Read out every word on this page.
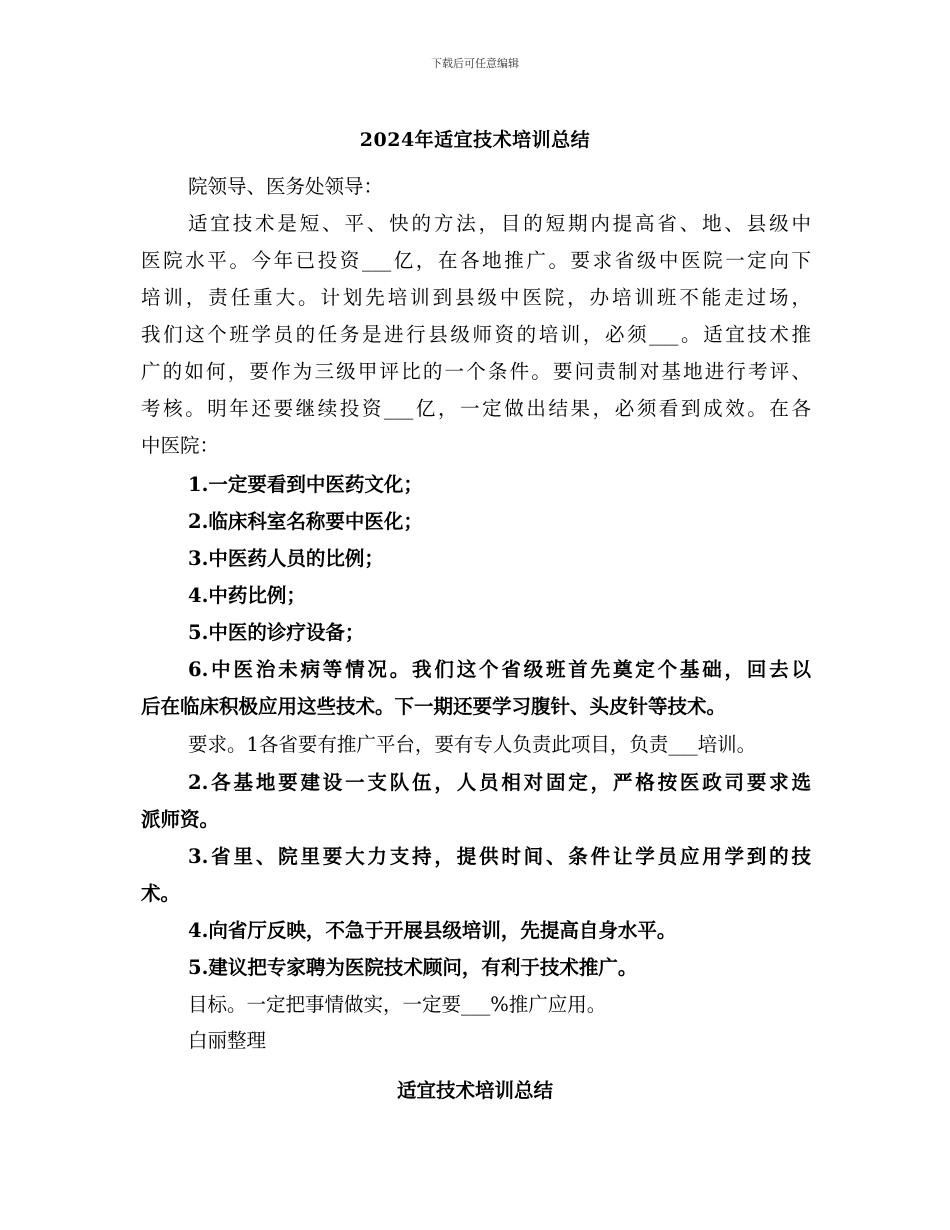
下载后可任意编辑
2024年适宜技术培训总结
院领导、医务处领导：
适宜技术是短、平、快的方法，目的短期内提高省、地、县级中
医院水平。今年已投资___亿，在各地推广。要求省级中医院一定向下
培训，责任重大。计划先培训到县级中医院，办培训班不能走过场，
我们这个班学员的任务是进行县级师资的培训，必须___。适宜技术推
广的如何，要作为三级甲评比的一个条件。要问责制对基地进行考评、
考核。明年还要继续投资___亿，一定做出结果，必须看到成效。在各
中医院：
1.一定要看到中医药文化；
2.临床科室名称要中医化；
3.中医药人员的比例；
4.中药比例；
5.中医的诊疗设备；
6.中医治未病等情况。我们这个省级班首先奠定个基础，回去以
后在临床积极应用这些技术。下一期还要学习腹针、头皮针等技术。
要求。1各省要有推广平台，要有专人负责此项目，负责___培训。
2.各基地要建设一支队伍，人员相对固定，严格按医政司要求选
派师资。
3.省里、院里要大力支持，提供时间、条件让学员应用学到的技
术。
4.向省厅反映，不急于开展县级培训，先提高自身水平。
5.建议把专家聘为医院技术顾问，有利于技术推广。
目标。一定把事情做实，一定要___%推广应用。
白丽整理
适宜技术培训总结
